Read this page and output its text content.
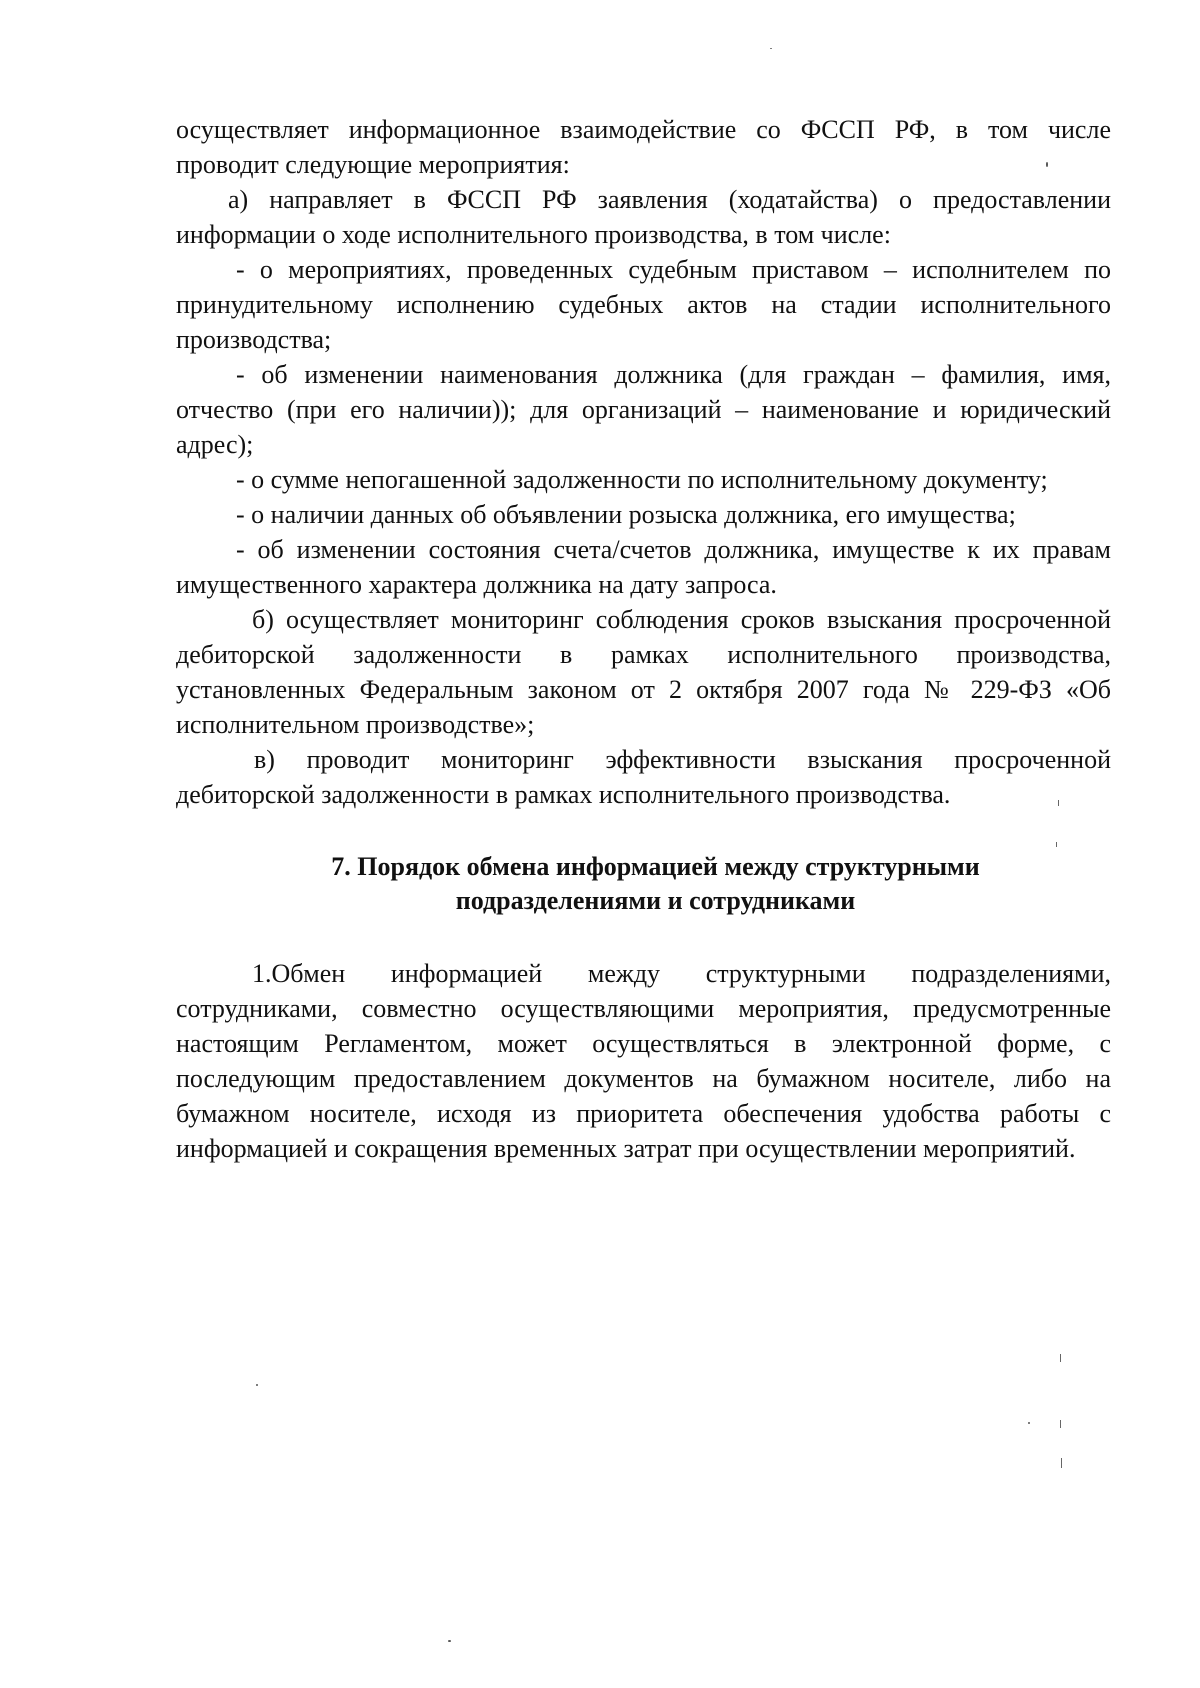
осуществляет информационное взаимодействие со ФССП РФ, в том числе проводит следующие мероприятия:

а) направляет в ФССП РФ заявления (ходатайства) о предоставлении информации о ходе исполнительного производства, в том числе:

- о мероприятиях, проведенных судебным приставом – исполнителем по принудительному исполнению судебных актов на стадии исполнительного производства;

- об изменении наименования должника (для граждан – фамилия, имя, отчество (при его наличии)); для организаций – наименование и юридический адрес);

- о сумме непогашенной задолженности по исполнительному документу;

- о наличии данных об объявлении розыска должника, его имущества;

- об изменении состояния счета/счетов должника, имуществе к их правам имущественного характера должника на дату запроса.

б) осуществляет мониторинг соблюдения сроков взыскания просроченной дебиторской задолженности в рамках исполнительного производства, установленных Федеральным законом от 2 октября 2007 года № 229-ФЗ «Об исполнительном производстве»;

в) проводит мониторинг эффективности взыскания просроченной дебиторской задолженности в рамках исполнительного производства.

7. Порядок обмена информацией между структурными
подразделениями и сотрудниками

1.Обмен информацией между структурными подразделениями, сотрудниками, совместно осуществляющими мероприятия, предусмотренные настоящим Регламентом, может осуществляться в электронной форме, с последующим предоставлением документов на бумажном носителе, либо на бумажном носителе, исходя из приоритета обеспечения удобства работы с информацией и сокращения временных затрат при осуществлении мероприятий.
